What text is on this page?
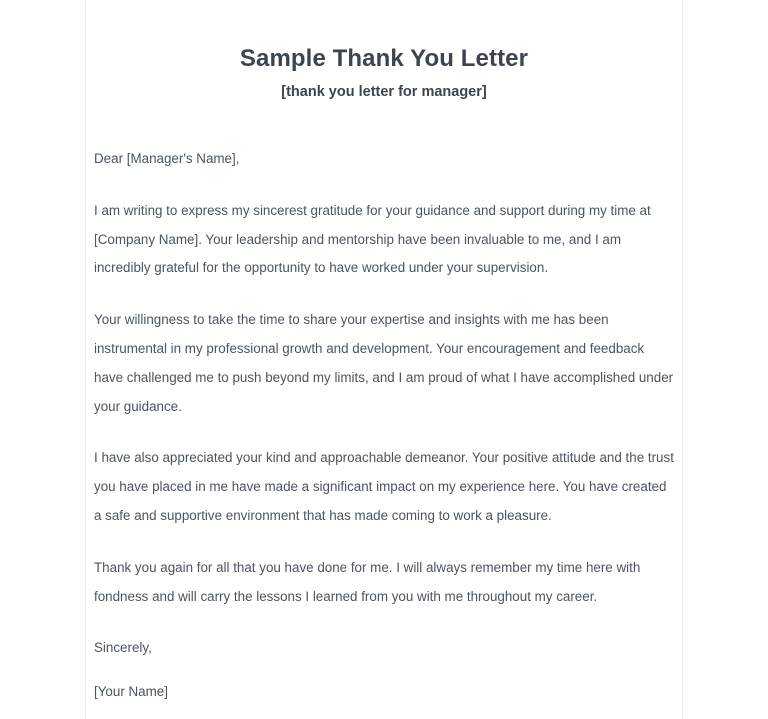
Sample Thank You Letter
[thank you letter for manager]

Dear [Manager's Name],

I am writing to express my sincerest gratitude for your guidance and support during my time at [Company Name]. Your leadership and mentorship have been invaluable to me, and I am incredibly grateful for the opportunity to have worked under your supervision.

Your willingness to take the time to share your expertise and insights with me has been instrumental in my professional growth and development. Your encouragement and feedback have challenged me to push beyond my limits, and I am proud of what I have accomplished under your guidance.

I have also appreciated your kind and approachable demeanor. Your positive attitude and the trust you have placed in me have made a significant impact on my experience here. You have created a safe and supportive environment that has made coming to work a pleasure.

Thank you again for all that you have done for me. I will always remember my time here with fondness and will carry the lessons I learned from you with me throughout my career.

Sincerely,

[Your Name]
